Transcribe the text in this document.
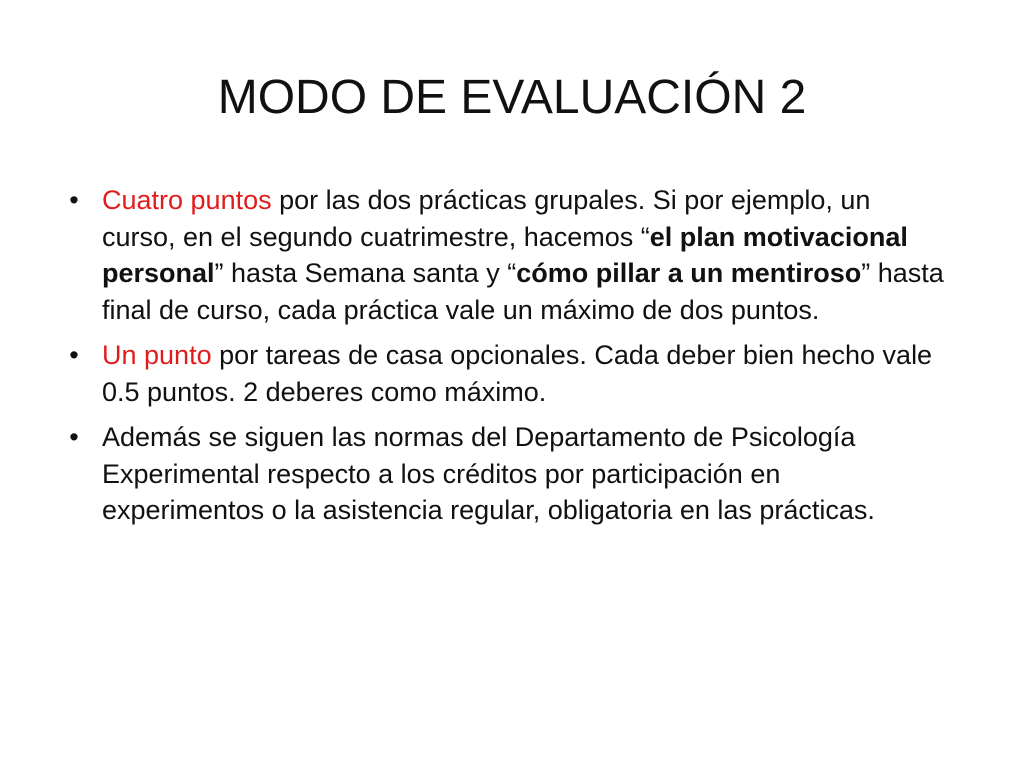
MODO DE EVALUACIÓN 2
• Cuatro puntos por las dos prácticas grupales. Si por ejemplo, un curso, en el segundo cuatrimestre, hacemos “el plan motivacional personal” hasta Semana santa y “cómo pillar a un mentiroso” hasta final de curso, cada práctica vale un máximo de dos puntos.
• Un punto por tareas de casa opcionales. Cada deber bien hecho vale 0.5 puntos. 2 deberes como máximo.
• Además se siguen las normas del Departamento de Psicología Experimental respecto a los créditos por participación en experimentos o la asistencia regular, obligatoria en las prácticas.
